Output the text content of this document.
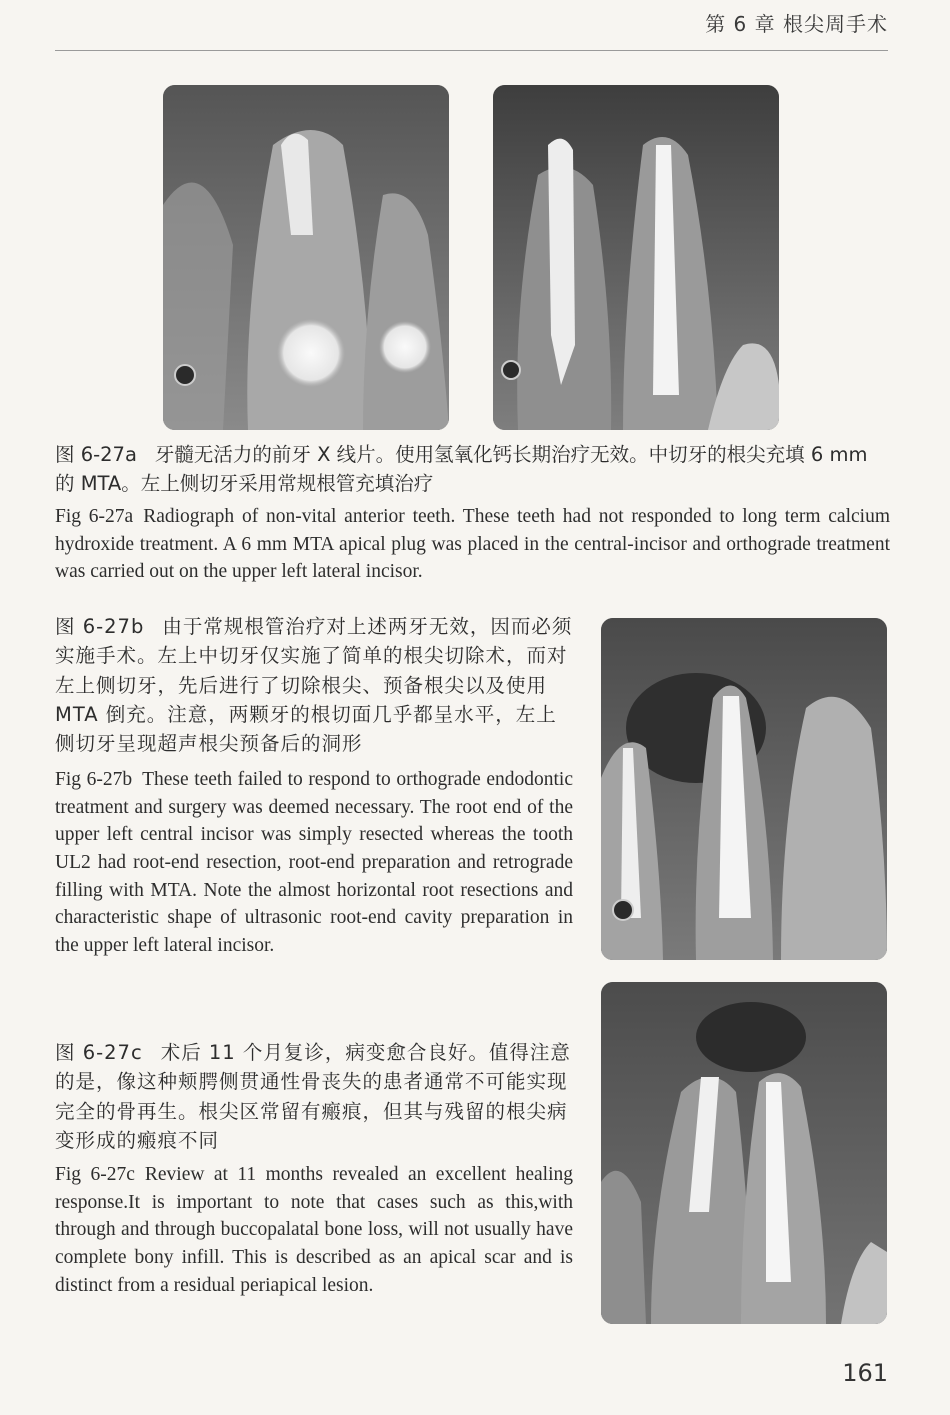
第 6 章 根尖周手术
图 6-27a 牙髓无活力的前牙 X 线片。使用氢氧化钙长期治疗无效。中切牙的根尖充填 6 mm 的 MTA。左上侧切牙采用常规根管充填治疗
Fig 6-27a Radiograph of non-vital anterior teeth. These teeth had not responded to long term calcium hydroxide treatment. A 6 mm MTA apical plug was placed in the central-incisor and orthograde treatment was carried out on the upper left lateral incisor.
图 6-27b 由于常规根管治疗对上述两牙无效，因而必须实施手术。左上中切牙仅实施了简单的根尖切除术，而对左上侧切牙，先后进行了切除根尖、预备根尖以及使用 MTA 倒充。注意，两颗牙的根切面几乎都呈水平，左上侧切牙呈现超声根尖预备后的洞形
Fig 6-27b These teeth failed to respond to orthograde endodontic treatment and surgery was deemed necessary. The root end of the upper left central incisor was simply resected whereas the tooth UL2 had root-end resection, root-end preparation and retrograde filling with MTA. Note the almost horizontal root resections and characteristic shape of ultrasonic root-end cavity preparation in the upper left lateral incisor.
图 6-27c 术后 11 个月复诊，病变愈合良好。值得注意的是，像这种颊腭侧贯通性骨丧失的患者通常不可能实现完全的骨再生。根尖区常留有瘢痕，但其与残留的根尖病变形成的瘢痕不同
Fig 6-27c Review at 11 months revealed an excellent healing response.It is important to note that cases such as this,with through and through buccopalatal bone loss, will not usually have complete bony infill. This is described as an apical scar and is distinct from a residual periapical lesion.
161
